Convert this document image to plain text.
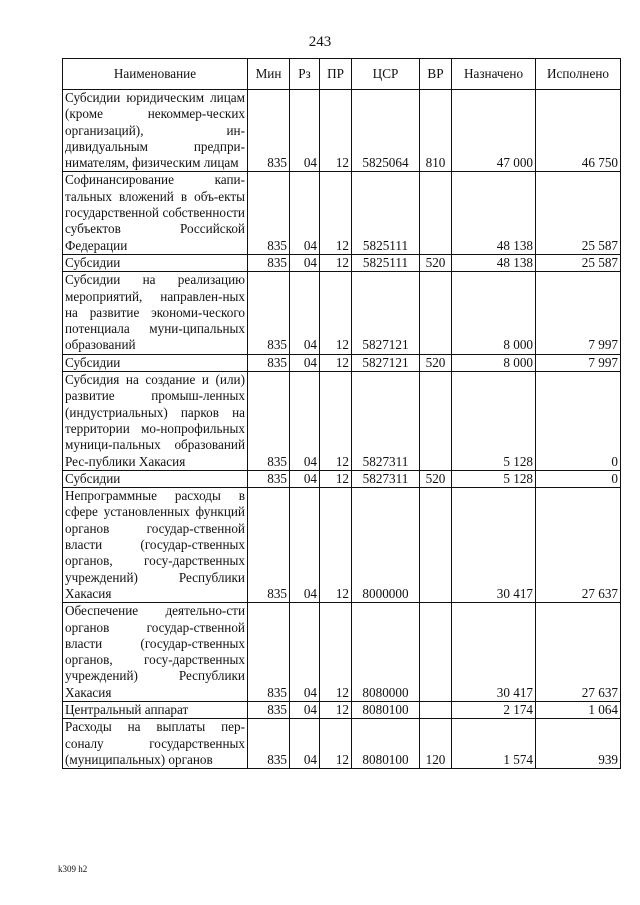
243
Наименование	Мин	Рз	ПР	ЦСР	ВР	Назначено	Исполнено
Субсидии юридическим лицам (кроме некоммер-ческих организаций), ин-дивидуальным предпри-нимателям, физическим лицам	835	04	12	5825064	810	47 000	46 750
Софинансирование капи-тальных вложений в объ-екты государственной собственности субъектов Российской Федерации	835	04	12	5825111		48 138	25 587
Субсидии	835	04	12	5825111	520	48 138	25 587
Субсидии на реализацию мероприятий, направлен-ных на развитие экономи-ческого потенциала муни-ципальных образований	835	04	12	5827121		8 000	7 997
Субсидии	835	04	12	5827121	520	8 000	7 997
Субсидия на создание и (или) развитие промыш-ленных (индустриальных) парков на территории мо-нопрофильных муници-пальных образований Рес-публики Хакасия	835	04	12	5827311		5 128	0
Субсидии	835	04	12	5827311	520	5 128	0
Непрограммные расходы в сфере установленных функций органов государ-ственной власти (государ-ственных органов, госу-дарственных учреждений) Республики Хакасия	835	04	12	8000000		30 417	27 637
Обеспечение деятельно-сти органов государ-ственной власти (государ-ственных органов, госу-дарственных учреждений) Республики Хакасия	835	04	12	8080000		30 417	27 637
Центральный аппарат	835	04	12	8080100		2 174	1 064
Расходы на выплаты пер-соналу государственных (муниципальных) органов	835	04	12	8080100	120	1 574	939
k309 h2
